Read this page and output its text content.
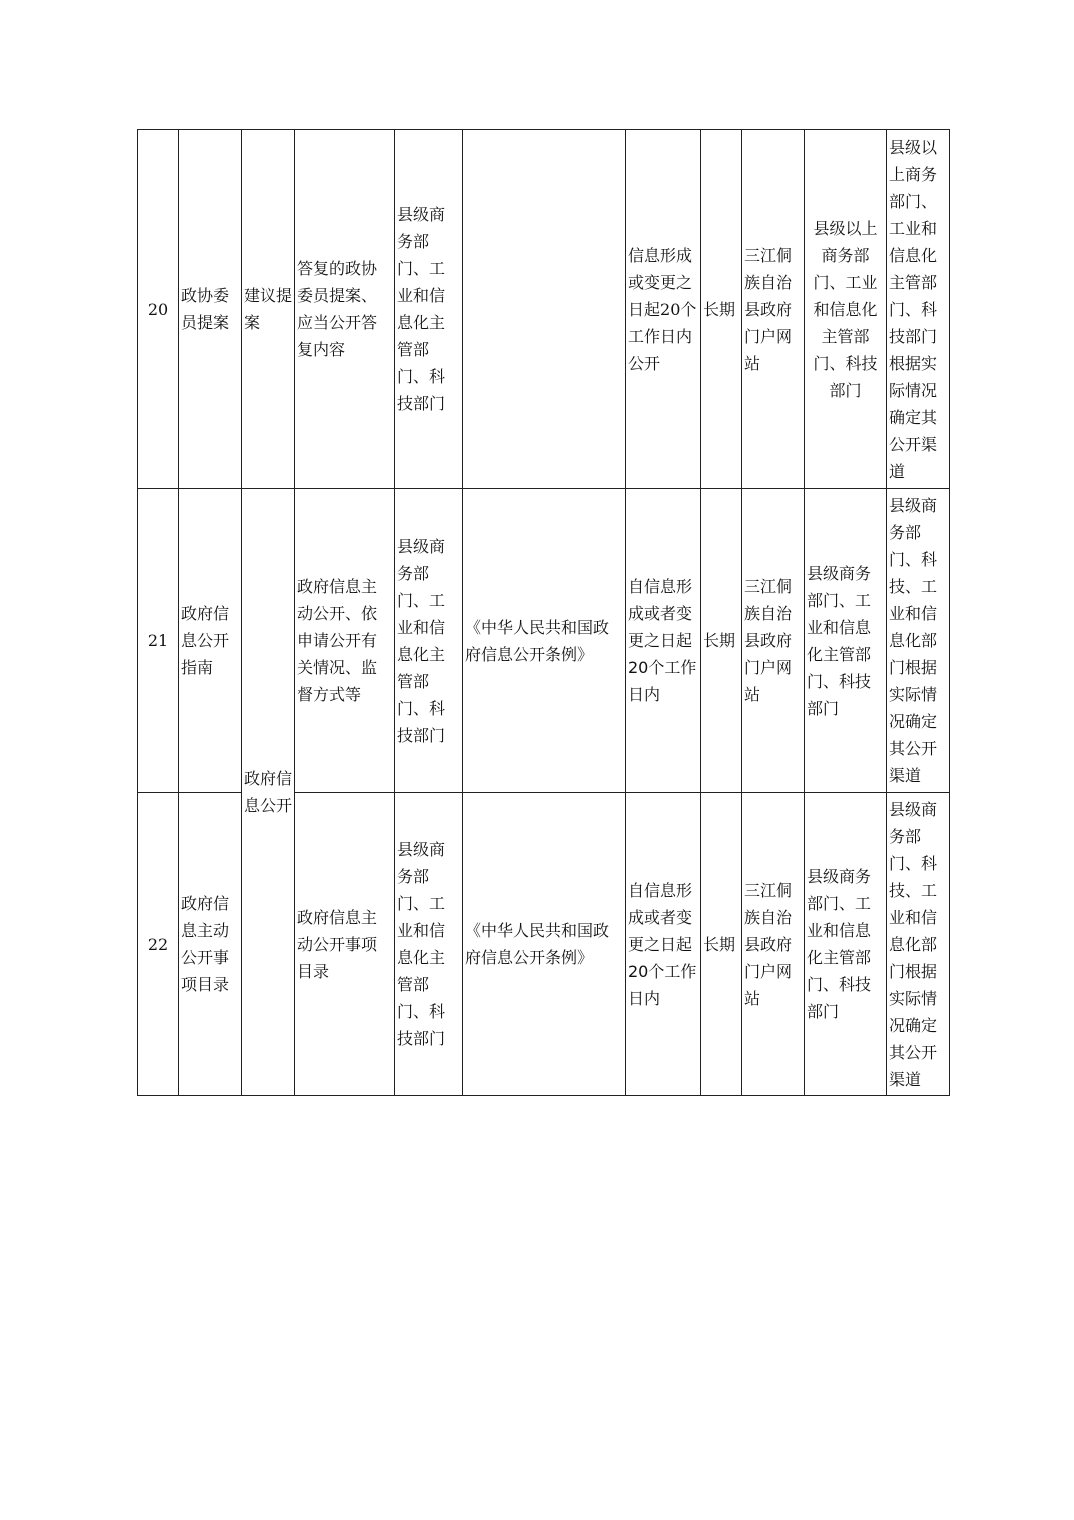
20	政协委员提案	建议提案	答复的政协委员提案、应当公开答复内容	县级商务部门、工业和信息化主管部门、科技部门		信息形成或变更之日起20个工作日内公开	长期	三江侗族自治县政府门户网站	县级以上商务部门、工业和信息化主管部门、科技部门	县级以上商务部门、工业和信息化主管部门、科技部门根据实际情况确定其公开渠道
21	政府信息公开指南	政府信息公开	政府信息主动公开、依申请公开有关情况、监督方式等	县级商务部门、工业和信息化主管部门、科技部门	《中华人民共和国政府信息公开条例》	自信息形成或者变更之日起20个工作日内	长期	三江侗族自治县政府门户网站	县级商务部门、工业和信息化主管部门、科技部门	县级商务部门、科技、工业和信息化部门根据实际情况确定其公开渠道
22	政府信息主动公开事项目录		政府信息主动公开事项目录	县级商务部门、工业和信息化主管部门、科技部门	《中华人民共和国政府信息公开条例》	自信息形成或者变更之日起20个工作日内	长期	三江侗族自治县政府门户网站	县级商务部门、工业和信息化主管部门、科技部门	县级商务部门、科技、工业和信息化部门根据实际情况确定其公开渠道
